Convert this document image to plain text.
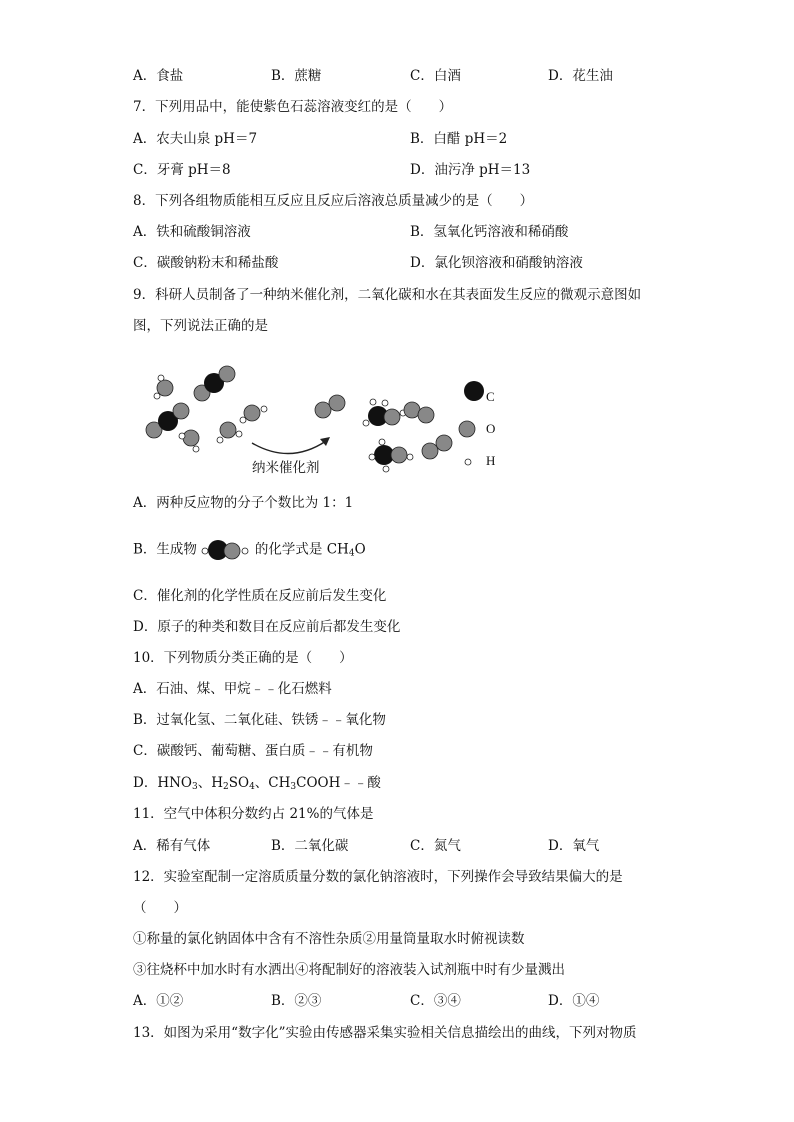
A．食盐	B．蔗糖	C．白酒	D．花生油
7．下列用品中，能使紫色石蕊溶液变红的是（　　）
A．农夫山泉 pH＝7	B．白醋 pH＝2
C．牙膏 pH＝8	D．油污净 pH＝13
8．下列各组物质能相互反应且反应后溶液总质量减少的是（　　）
A．铁和硫酸铜溶液	B．氢氧化钙溶液和稀硝酸
C．碳酸钠粉末和稀盐酸	D．氯化钡溶液和硝酸钠溶液
9．科研人员制备了一种纳米催化剂，二氧化碳和水在其表面发生反应的微观示意图如
图，下列说法正确的是
纳米催化剂
C
O
H
A．两种反应物的分子个数比为 1：1
B．生成物	的化学式是 $CH_4O$
C．催化剂的化学性质在反应前后发生变化
D．原子的种类和数目在反应前后都发生变化
10．下列物质分类正确的是（　　）
A．石油、煤、甲烷﹣﹣化石燃料
B．过氧化氢、二氧化硅、铁锈﹣﹣氧化物
C．碳酸钙、葡萄糖、蛋白质﹣﹣有机物
D．$HNO_3$、$H_2SO_4$、$CH_3COOH﹣﹣$酸
11．空气中体积分数约占 21%的气体是
A．稀有气体	B．二氧化碳	C．氮气	D．氧气
12．实验室配制一定溶质质量分数的氯化钠溶液时，下列操作会导致结果偏大的是
（　　）
①称量的氯化钠固体中含有不溶性杂质②用量筒量取水时俯视读数
③往烧杯中加水时有水洒出④将配制好的溶液装入试剂瓶中时有少量溅出
A．①②	B．②③	C．③④	D．①④
13．如图为采用“数字化”实验由传感器采集实验相关信息描绘出的曲线，下列对物质
